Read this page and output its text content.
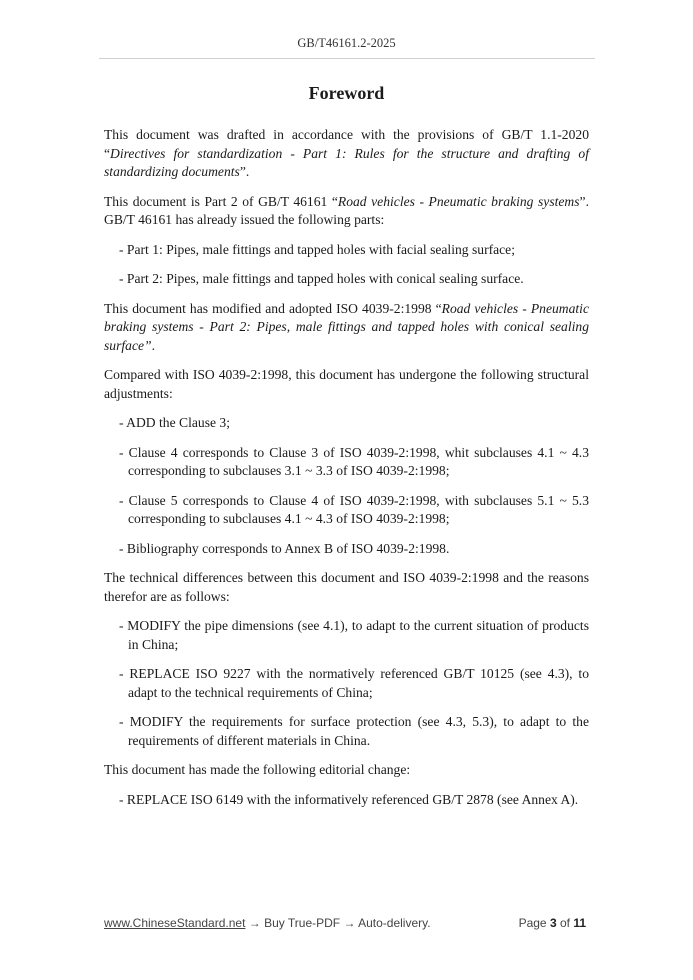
GB/T46161.2-2025
Foreword

This document was drafted in accordance with the provisions of GB/T 1.1-2020 “Directives for standardization - Part 1: Rules for the structure and drafting of standardizing documents”.

This document is Part 2 of GB/T 46161 “Road vehicles - Pneumatic braking systems”. GB/T 46161 has already issued the following parts:

- Part 1: Pipes, male fittings and tapped holes with facial sealing surface;

- Part 2: Pipes, male fittings and tapped holes with conical sealing surface.

This document has modified and adopted ISO 4039-2:1998 “Road vehicles - Pneumatic braking systems - Part 2: Pipes, male fittings and tapped holes with conical sealing surface”.

Compared with ISO 4039-2:1998, this document has undergone the following structural adjustments:

- ADD the Clause 3;

- Clause 4 corresponds to Clause 3 of ISO 4039-2:1998, whit subclauses 4.1 ~ 4.3 corresponding to subclauses 3.1 ~ 3.3 of ISO 4039-2:1998;

- Clause 5 corresponds to Clause 4 of ISO 4039-2:1998, with subclauses 5.1 ~ 5.3 corresponding to subclauses 4.1 ~ 4.3 of ISO 4039-2:1998;

- Bibliography corresponds to Annex B of ISO 4039-2:1998.

The technical differences between this document and ISO 4039-2:1998 and the reasons therefor are as follows:

- MODIFY the pipe dimensions (see 4.1), to adapt to the current situation of products in China;

- REPLACE ISO 9227 with the normatively referenced GB/T 10125 (see 4.3), to adapt to the technical requirements of China;

- MODIFY the requirements for surface protection (see 4.3, 5.3), to adapt to the requirements of different materials in China.

This document has made the following editorial change:

- REPLACE ISO 6149 with the informatively referenced GB/T 2878 (see Annex A).

www.ChineseStandard.net → Buy True-PDF → Auto-delivery.	Page 3 of 11
